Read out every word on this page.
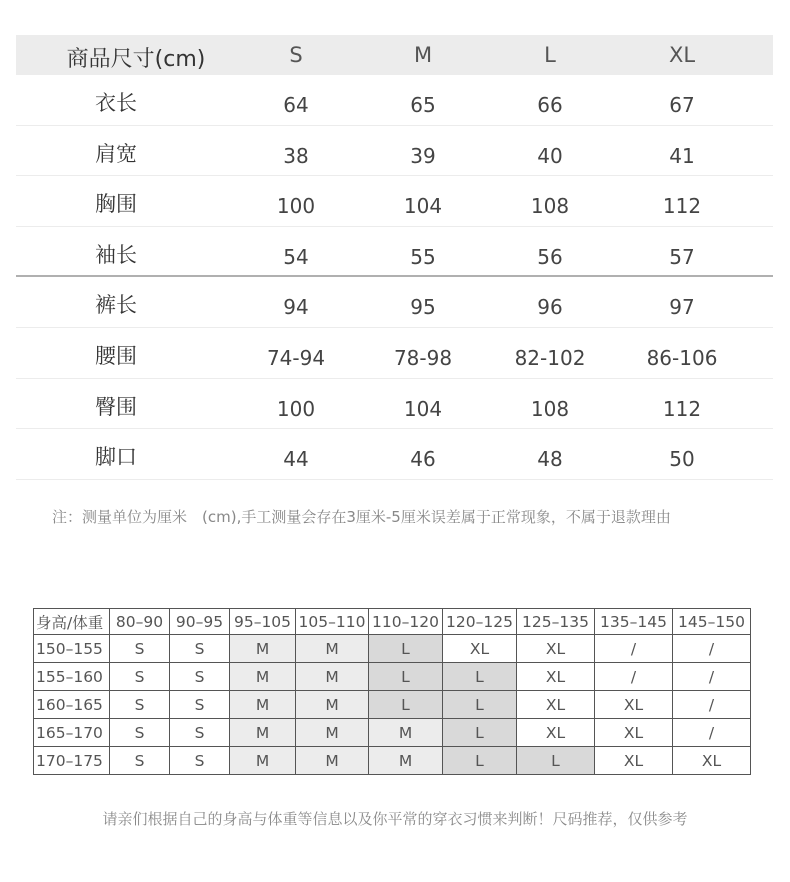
商品尺寸(cm)	S	M	L	XL
衣长	64	65	66	67
肩宽	38	39	40	41
胸围	100	104	108	112
袖长	54	55	56	57
裤长	94	95	96	97
腰围	74-94	78-98	82-102	86-106
臀围	100	104	108	112
脚口	44	46	48	50
注：测量单位为厘米　(cm),手工测量会存在3厘米-5厘米误差属于正常现象，不属于退款理由
身高/体重	80–90	90–95	95–105	105–110	110–120	120–125	125–135	135–145	145–150
150–155	S	S	M	M	L	XL	XL	/	/
155–160	S	S	M	M	L	L	XL	/	/
160–165	S	S	M	M	L	L	XL	XL	/
165–170	S	S	M	M	M	L	XL	XL	/
170–175	S	S	M	M	M	L	L	XL	XL
请亲们根据自己的身高与体重等信息以及你平常的穿衣习惯来判断！尺码推荐，仅供参考
